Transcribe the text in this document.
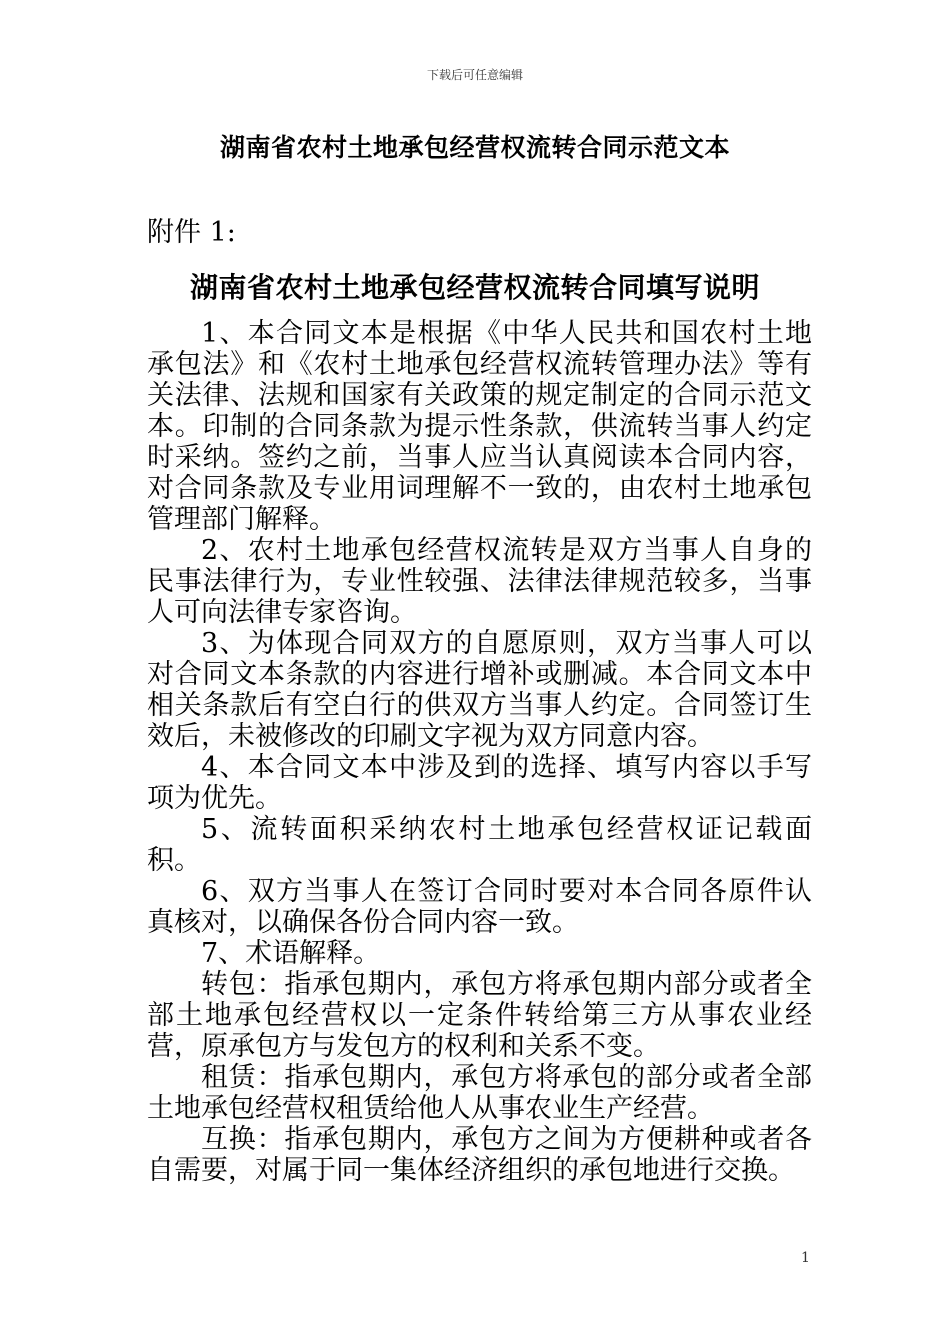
下载后可任意编辑
湖南省农村土地承包经营权流转合同示范文本
附件 1:
湖南省农村土地承包经营权流转合同填写说明

1、本合同文本是根据《中华人民共和国农村土地承包法》和《农村土地承包经营权流转管理办法》等有关法律、法规和国家有关政策的规定制定的合同示范文本。印制的合同条款为提示性条款，供流转当事人约定时采纳。签约之前，当事人应当认真阅读本合同内容，对合同条款及专业用词理解不一致的，由农村土地承包管理部门解释。

2、农村土地承包经营权流转是双方当事人自身的民事法律行为，专业性较强、法律法律规范较多，当事人可向法律专家咨询。

3、为体现合同双方的自愿原则，双方当事人可以对合同文本条款的内容进行增补或删减。本合同文本中相关条款后有空白行的供双方当事人约定。合同签订生效后，未被修改的印刷文字视为双方同意内容。

4、本合同文本中涉及到的选择、填写内容以手写项为优先。

5、流转面积采纳农村土地承包经营权证记载面积。

6、双方当事人在签订合同时要对本合同各原件认真核对，以确保各份合同内容一致。

7、术语解释。

转包：指承包期内，承包方将承包期内部分或者全部土地承包经营权以一定条件转给第三方从事农业经营，原承包方与发包方的权利和关系不变。

租赁：指承包期内，承包方将承包的部分或者全部土地承包经营权租赁给他人从事农业生产经营。

互换：指承包期内，承包方之间为方便耕种或者各自需要，对属于同一集体经济组织的承包地进行交换。

1
